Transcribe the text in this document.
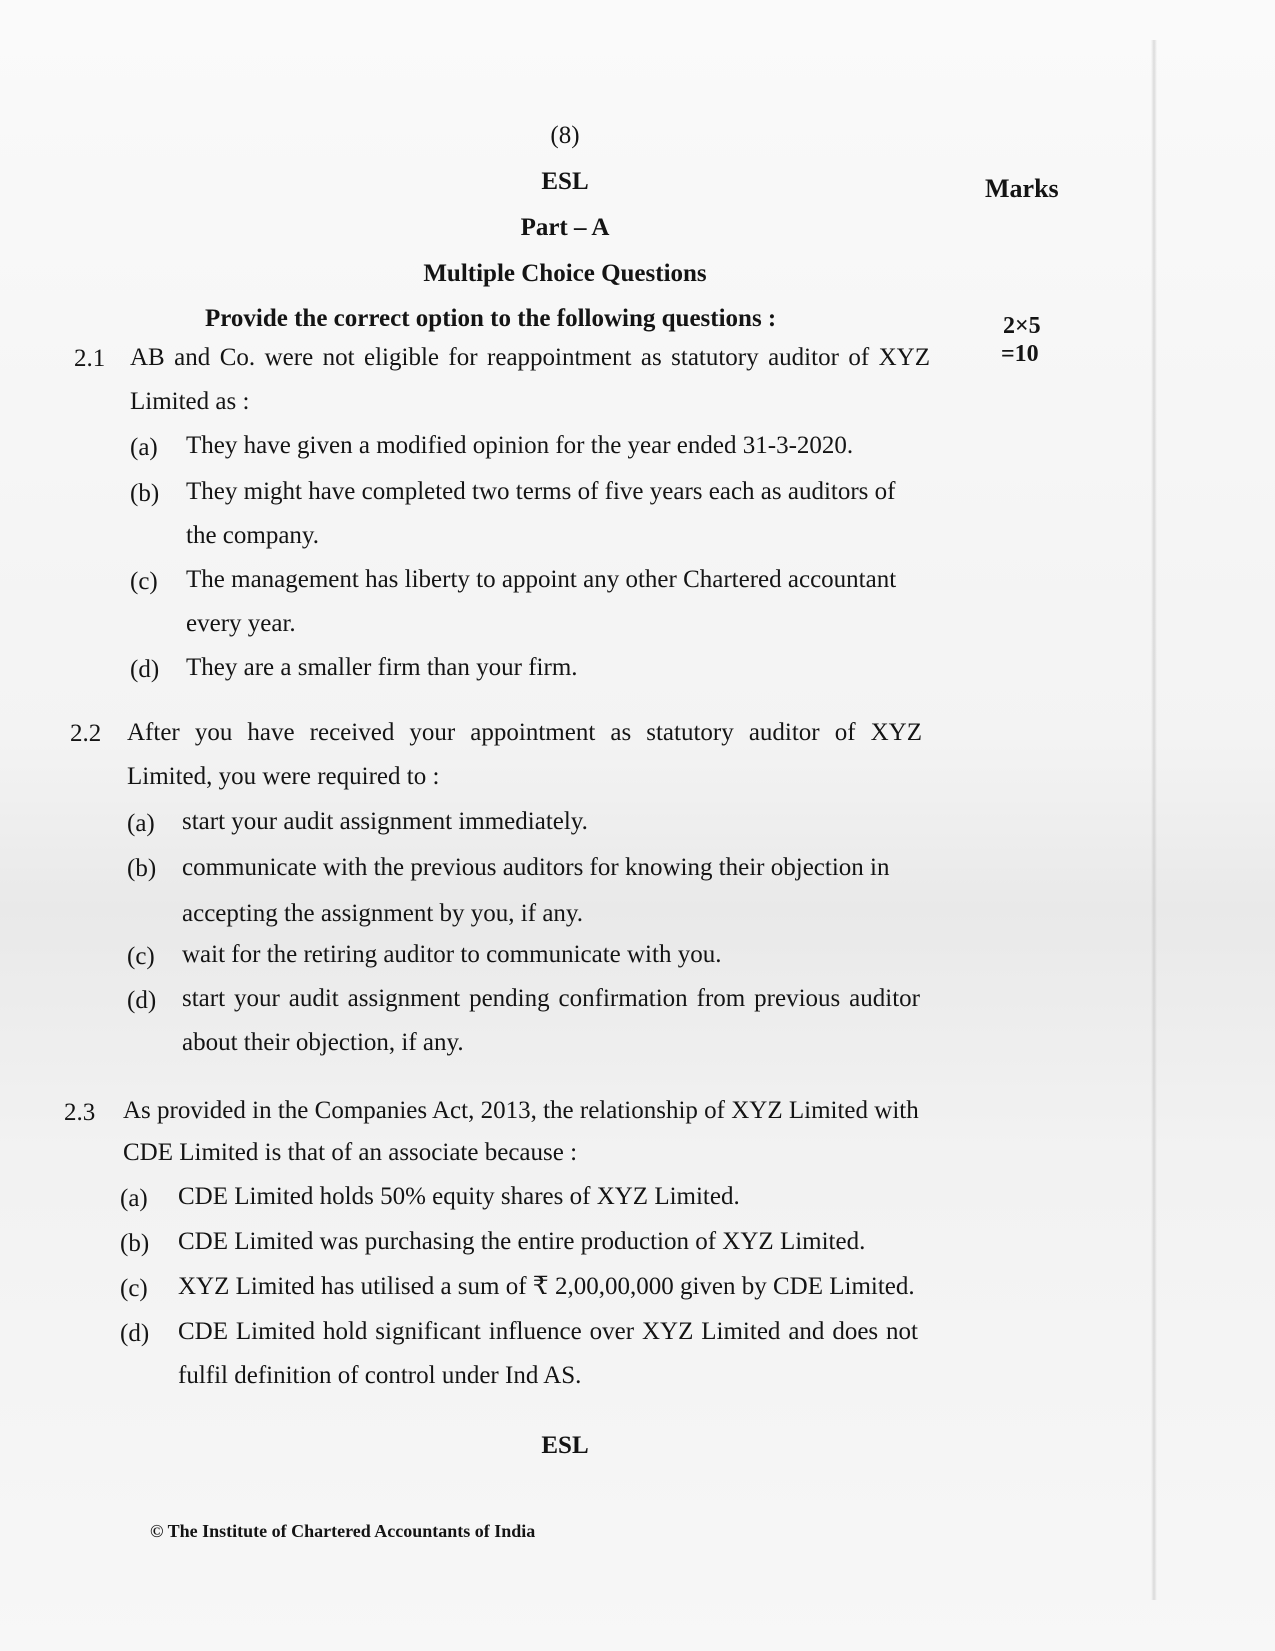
(8)
ESL	Marks
Part – A
Multiple Choice Questions
Provide the correct option to the following questions :	2×5
=10
2.1 AB and Co. were not eligible for reappointment as statutory auditor of XYZ Limited as :
(a) They have given a modified opinion for the year ended 31-3-2020.
(b) They might have completed two terms of five years each as auditors of the company.
(c) The management has liberty to appoint any other Chartered accountant every year.
(d) They are a smaller firm than your firm.
2.2 After you have received your appointment as statutory auditor of XYZ Limited, you were required to :
(a) start your audit assignment immediately.
(b) communicate with the previous auditors for knowing their objection in accepting the assignment by you, if any.
(c) wait for the retiring auditor to communicate with you.
(d) start your audit assignment pending confirmation from previous auditor about their objection, if any.
2.3 As provided in the Companies Act, 2013, the relationship of XYZ Limited with CDE Limited is that of an associate because :
(a) CDE Limited holds 50% equity shares of XYZ Limited.
(b) CDE Limited was purchasing the entire production of XYZ Limited.
(c) XYZ Limited has utilised a sum of ₹ 2,00,00,000 given by CDE Limited.
(d) CDE Limited hold significant influence over XYZ Limited and does not fulfil definition of control under Ind AS.
ESL
© The Institute of Chartered Accountants of India
